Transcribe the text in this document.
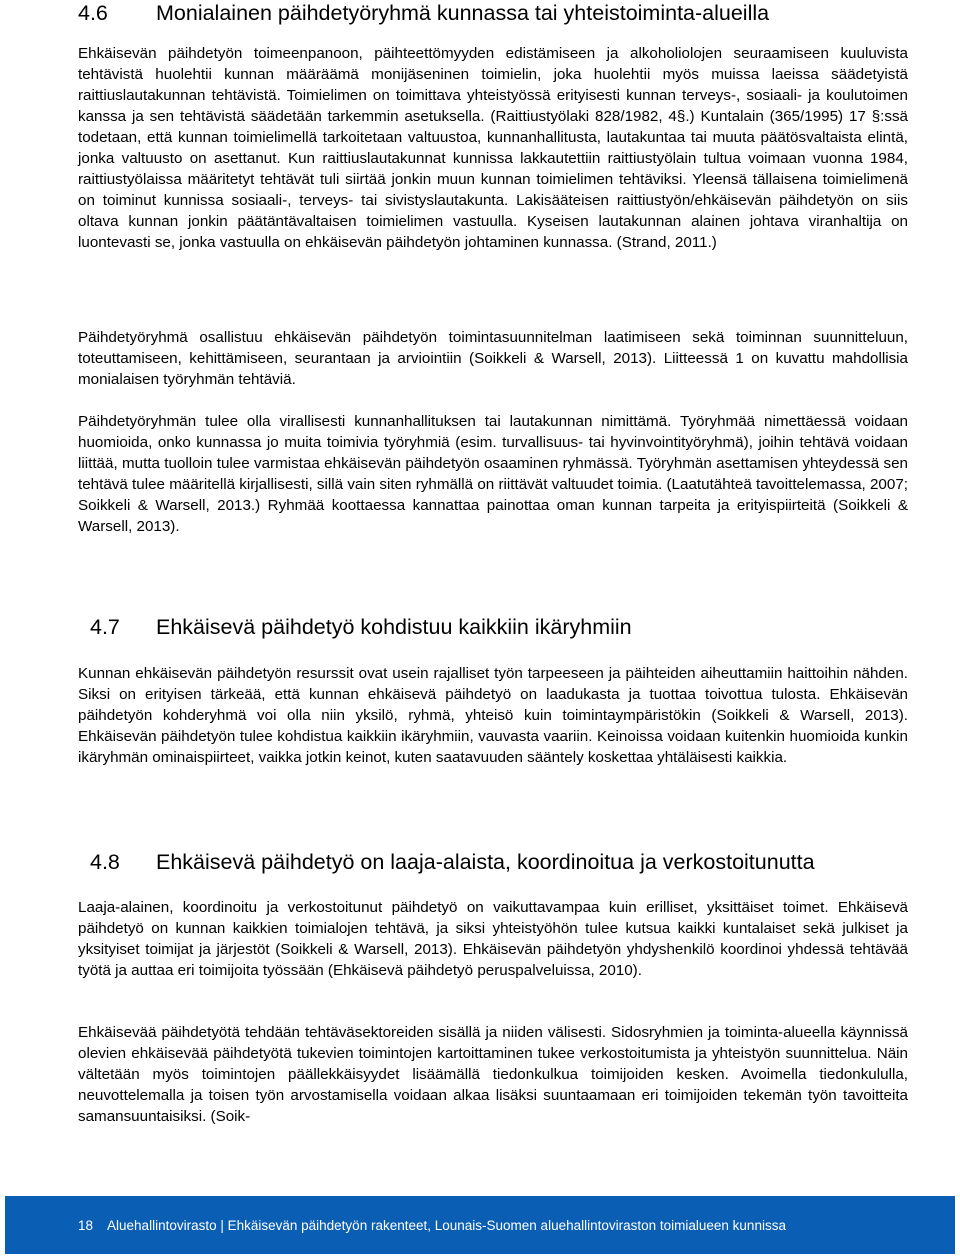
4.6 Monialainen päihdetyöryhmä kunnassa tai yhteistoiminta-alueilla

Ehkäisevän päihdetyön toimeenpanoon, päihteettömyyden edistämiseen ja alkoholiolojen seuraamiseen kuuluvista tehtävistä huolehtii kunnan määräämä monijäseninen toimielin, joka huolehtii myös muissa laeissa säädetyistä raittiuslautakunnan tehtävistä. Toimielimen on toimittava yhteistyössä erityisesti kunnan terveys-, sosiaali- ja koulutoimen kanssa ja sen tehtävistä säädetään tarkemmin asetuksella. (Raittiustyölaki 828/1982, 4§.) Kuntalain (365/1995) 17 §:ssä todetaan, että kunnan toimielimellä tarkoitetaan valtuustoa, kunnanhallitusta, lautakuntaa tai muuta päätösvaltaista elintä, jonka valtuusto on asettanut. Kun raittiuslautakunnat kunnissa lakkautettiin raittiustyölain tultua voimaan vuonna 1984, raittiustyölaissa määritetyt tehtävät tuli siirtää jonkin muun kunnan toimielimen tehtäviksi. Yleensä tällaisena toimielimenä on toiminut kunnissa sosiaali-, terveys- tai sivistyslautakunta. Lakisääteisen raittiustyön/ehkäisevän päihdetyön on siis oltava kunnan jonkin päätäntävaltaisen toimielimen vastuulla. Kyseisen lautakunnan alainen johtava viranhaltija on luontevasti se, jonka vastuulla on ehkäisevän päihdetyön johtaminen kunnassa. (Strand, 2011.)

Päihdetyöryhmä osallistuu ehkäisevän päihdetyön toimintasuunnitelman laatimiseen sekä toiminnan suunnitteluun, toteuttamiseen, kehittämiseen, seurantaan ja arviointiin (Soikkeli & Warsell, 2013). Liitteessä 1 on kuvattu mahdollisia monialaisen työryhmän tehtäviä.

Päihdetyöryhmän tulee olla virallisesti kunnanhallituksen tai lautakunnan nimittämä. Työryhmää nimettäessä voidaan huomioida, onko kunnassa jo muita toimivia työryhmiä (esim. turvallisuus- tai hyvinvointityöryhmä), joihin tehtävä voidaan liittää, mutta tuolloin tulee varmistaa ehkäisevän päihdetyön osaaminen ryhmässä. Työryhmän asettamisen yhteydessä sen tehtävä tulee määritellä kirjallisesti, sillä vain siten ryhmällä on riittävät valtuudet toimia. (Laatutähteä tavoittelemassa, 2007; Soikkeli & Warsell, 2013.) Ryhmää koottaessa kannattaa painottaa oman kunnan tarpeita ja erityispiirteitä (Soikkeli & Warsell, 2013).

4.7 Ehkäisevä päihdetyö kohdistuu kaikkiin ikäryhmiin

Kunnan ehkäisevän päihdetyön resurssit ovat usein rajalliset työn tarpeeseen ja päihteiden aiheuttamiin haittoihin nähden. Siksi on erityisen tärkeää, että kunnan ehkäisevä päihdetyö on laadukasta ja tuottaa toivottua tulosta. Ehkäisevän päihdetyön kohderyhmä voi olla niin yksilö, ryhmä, yhteisö kuin toimintaympäristökin (Soikkeli & Warsell, 2013). Ehkäisevän päihdetyön tulee kohdistua kaikkiin ikäryhmiin, vauvasta vaariin. Keinoissa voidaan kuitenkin huomioida kunkin ikäryhmän ominaispiirteet, vaikka jotkin keinot, kuten saatavuuden sääntely koskettaa yhtäläisesti kaikkia.

4.8 Ehkäisevä päihdetyö on laaja-alaista, koordinoitua ja verkostoitunutta

Laaja-alainen, koordinoitu ja verkostoitunut päihdetyö on vaikuttavampaa kuin erilliset, yksittäiset toimet. Ehkäisevä päihdetyö on kunnan kaikkien toimialojen tehtävä, ja siksi yhteistyöhön tulee kutsua kaikki kuntalaiset sekä julkiset ja yksityiset toimijat ja järjestöt (Soikkeli & Warsell, 2013). Ehkäisevän päihdetyön yhdyshenkilö koordinoi yhdessä tehtävää työtä ja auttaa eri toimijoita työssään (Ehkäisevä päihdetyö peruspalveluissa, 2010).

Ehkäisevää päihdetyötä tehdään tehtäväsektoreiden sisällä ja niiden välisesti. Sidosryhmien ja toiminta-alueella käynnissä olevien ehkäisevää päihdetyötä tukevien toimintojen kartoittaminen tukee verkostoitumista ja yhteistyön suunnittelua. Näin vältetään myös toimintojen päällekkäisyydet lisäämällä tiedonkulkua toimijoiden kesken. Avoimella tiedonkululla, neuvottelemalla ja toisen työn arvostamisella voidaan alkaa lisäksi suuntaamaan eri toimijoiden tekemän työn tavoitteita samansuuntaisiksi. (Soik-

18 Aluehallintovirasto | Ehkäisevän päihdetyön rakenteet, Lounais-Suomen aluehallintoviraston toimialueen kunnissa
